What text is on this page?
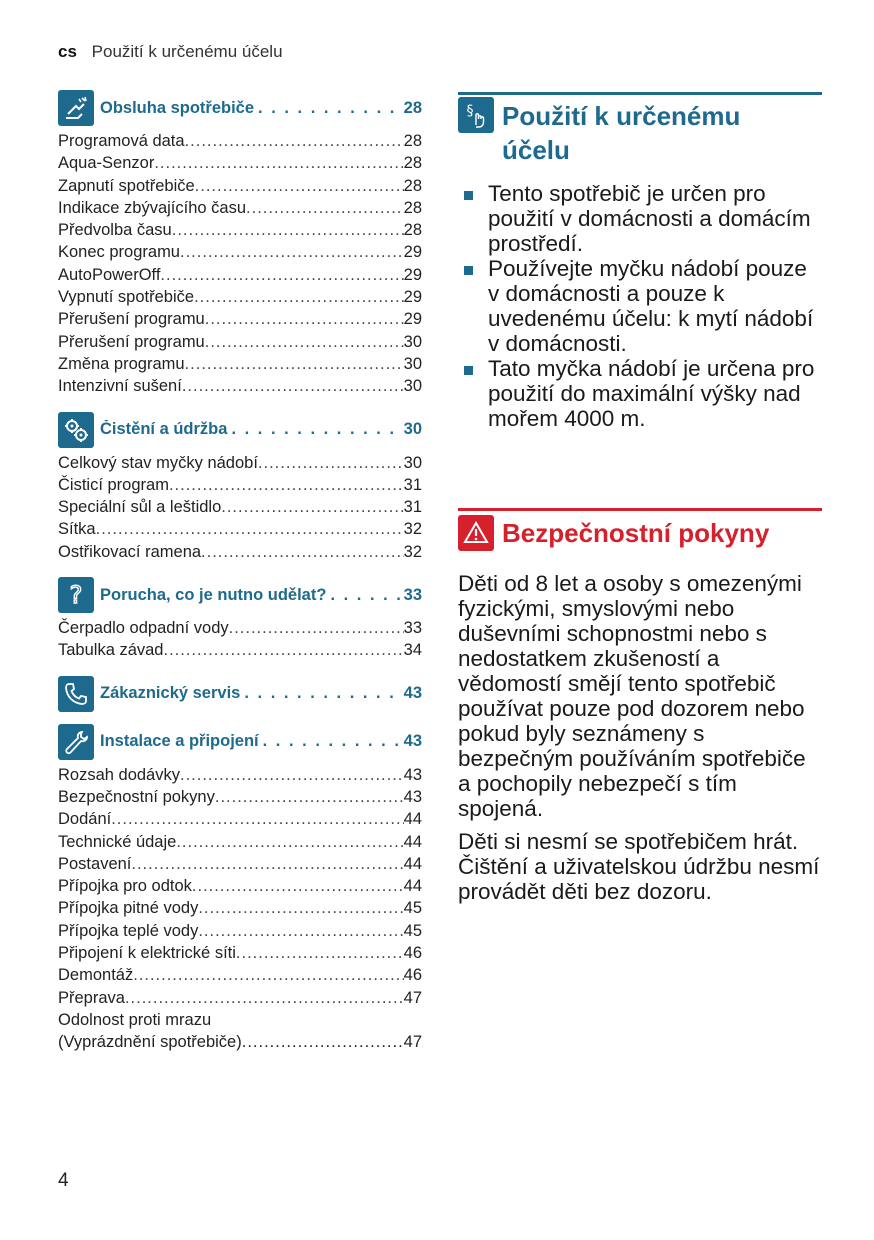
cs Použití k určenému účelu
Obsluha spotřebiče . . .	28
Programová data .....	28
Aqua-Senzor .....	28
Zapnutí spotřebiče .....	28
Indikace zbývajícího času .....	28
Předvolba času .....	28
Konec programu .....	29
AutoPowerOff .....	29
Vypnutí spotřebiče .....	29
Přerušení programu .....	29
Přerušení programu .....	30
Změna programu .....	30
Intenzivní sušení .....	30
Čistění a údržba . . .	30
Celkový stav myčky nádobí .....	30
Čisticí program .....	31
Speciální sůl a leštidlo .....	31
Sítka .....	32
Ostřikovací ramena .....	32
? Porucha, co je nutno udělat? . . .	33
Čerpadlo odpadní vody .....	33
Tabulka závad .....	34
Zákaznický servis . . .	43
Instalace a připojení . . .	43
Rozsah dodávky .....	43
Bezpečnostní pokyny .....	43
Dodání .....	44
Technické údaje .....	44
Postavení .....	44
Přípojka pro odtok .....	44
Přípojka pitné vody .....	45
Přípojka teplé vody .....	45
Připojení k elektrické síti .....	46
Demontáž .....	46
Přeprava .....	47
Odolnost proti mrazu
(Vyprázdnění spotřebiče) .....	47
§ Použití k určenému
účelu
Tento spotřebič je určen pro použití v domácnosti a domácím prostředí.
Používejte myčku nádobí pouze v domácnosti a pouze k uvedenému účelu: k mytí nádobí v domácnosti.
Tato myčka nádobí je určena pro použití do maximální výšky nad mořem 4000 m.
Bezpečnostní pokyny

Děti od 8 let a osoby s omezenými fyzickými, smyslovými nebo duševními schopnostmi nebo s nedostatkem zkušeností a vědomostí smějí tento spotřebič používat pouze pod dozorem nebo pokud byly seznámeny s bezpečným používáním spotřebiče a pochopily nebezpečí s tím spojená.

Děti si nesmí se spotřebičem hrát. Čištění a uživatelskou údržbu nesmí provádět děti bez dozoru.

4
